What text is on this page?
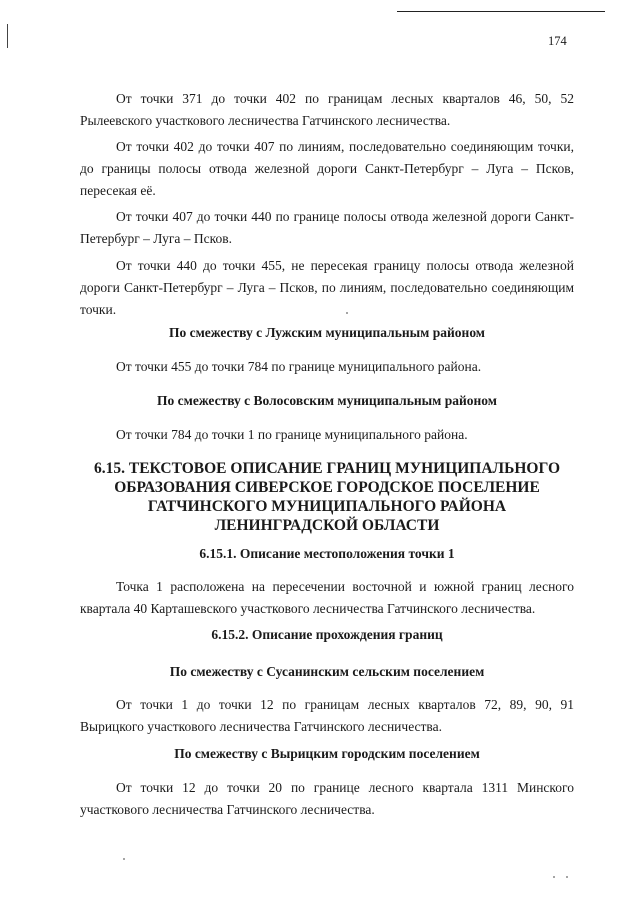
174

От точки 371 до точки 402 по границам лесных кварталов 46, 50, 52 Рылеевского участкового лесничества Гатчинского лесничества.

От точки 402 до точки 407 по линиям, последовательно соединяющим точки, до границы полосы отвода железной дороги Санкт-Петербург – Луга – Псков, пересекая её.

От точки 407 до точки 440 по границе полосы отвода железной дороги Санкт-Петербург – Луга – Псков.

От точки 440 до точки 455, не пересекая границу полосы отвода железной дороги Санкт-Петербург – Луга – Псков, по линиям, последовательно соединяющим точки.

По смежеству с Лужским муниципальным районом

От точки 455 до точки 784 по границе муниципального района.

По смежеству с Волосовским муниципальным районом

От точки 784 до точки 1 по границе муниципального района.

6.15. ТЕКСТОВОЕ ОПИСАНИЕ ГРАНИЦ МУНИЦИПАЛЬНОГО ОБРАЗОВАНИЯ СИВЕРСКОЕ ГОРОДСКОЕ ПОСЕЛЕНИЕ ГАТЧИНСКОГО МУНИЦИПАЛЬНОГО РАЙОНА ЛЕНИНГРАДСКОЙ ОБЛАСТИ

6.15.1. Описание местоположения точки 1

Точка 1 расположена на пересечении восточной и южной границ лесного квартала 40 Карташевского участкового лесничества Гатчинского лесничества.

6.15.2. Описание прохождения границ

По смежеству с Сусанинским сельским поселением

От точки 1 до точки 12 по границам лесных кварталов 72, 89, 90, 91 Вырицкого участкового лесничества Гатчинского лесничества.

По смежеству с Вырицким городским поселением

От точки 12 до точки 20 по границе лесного квартала 1311 Минского участкового лесничества Гатчинского лесничества.
